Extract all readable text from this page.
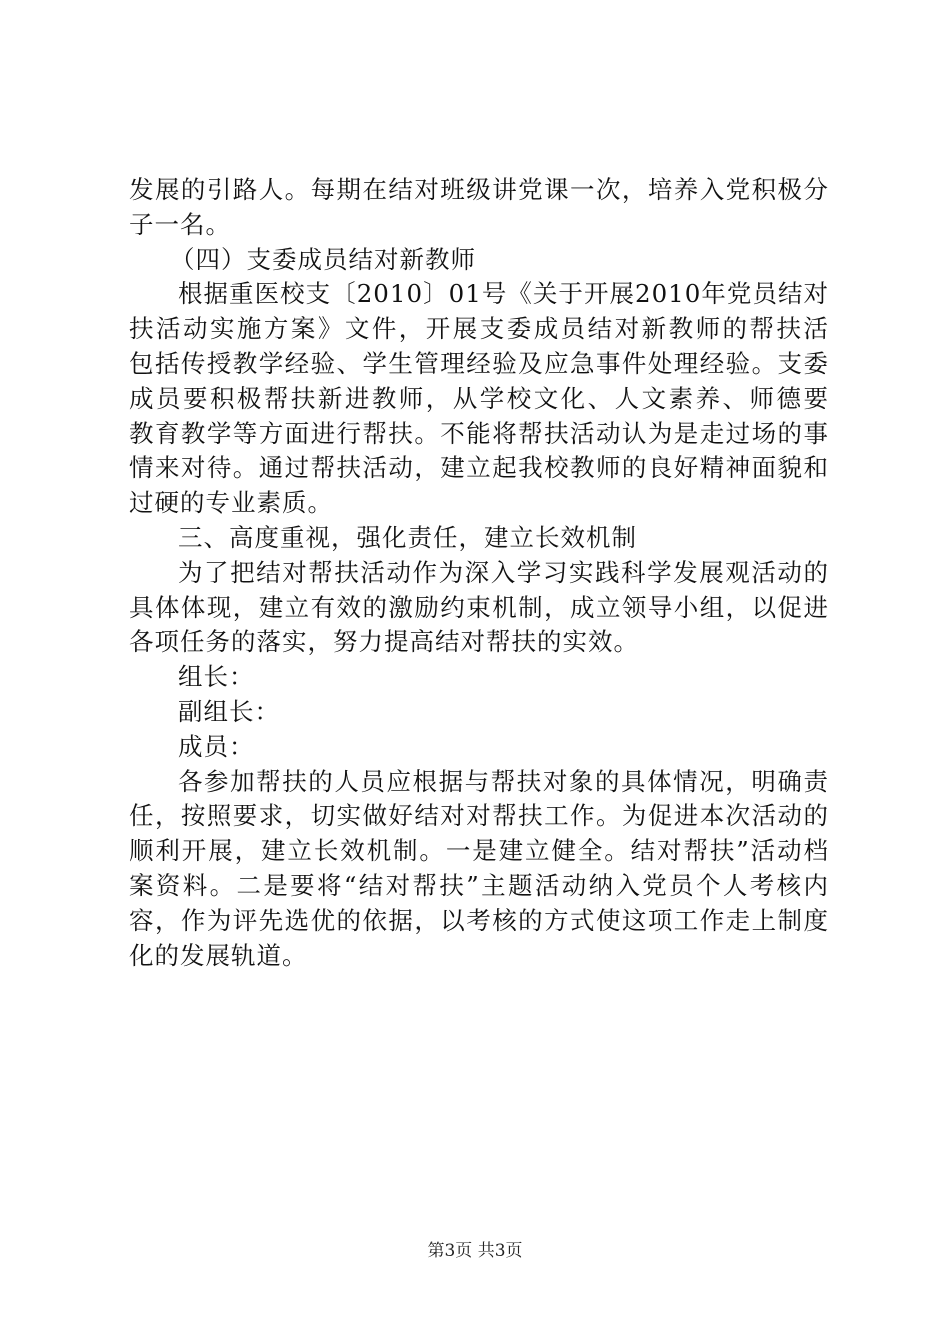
发展的引路人。每期在结对班级讲党课一次，培养入党积极分
子一名。
（四）支委成员结对新教师
根据重医校支〔2010〕01号《关于开展2010年党员结对
扶活动实施方案》文件，开展支委成员结对新教师的帮扶活
包括传授教学经验、学生管理经验及应急事件处理经验。支委
成员要积极帮扶新进教师，从学校文化、人文素养、师德要
教育教学等方面进行帮扶。不能将帮扶活动认为是走过场的事
情来对待。通过帮扶活动，建立起我校教师的良好精神面貌和
过硬的专业素质。
三、高度重视，强化责任，建立长效机制
为了把结对帮扶活动作为深入学习实践科学发展观活动的
具体体现，建立有效的激励约束机制，成立领导小组，以促进
各项任务的落实，努力提高结对帮扶的实效。
组长：
副组长：
成员：
各参加帮扶的人员应根据与帮扶对象的具体情况，明确责
任，按照要求，切实做好结对对帮扶工作。为促进本次活动的
顺利开展，建立长效机制。一是建立健全。结对帮扶”活动档
案资料。二是要将“结对帮扶”主题活动纳入党员个人考核内
容，作为评先选优的依据，以考核的方式使这项工作走上制度
化的发展轨道。
第3页 共3页
